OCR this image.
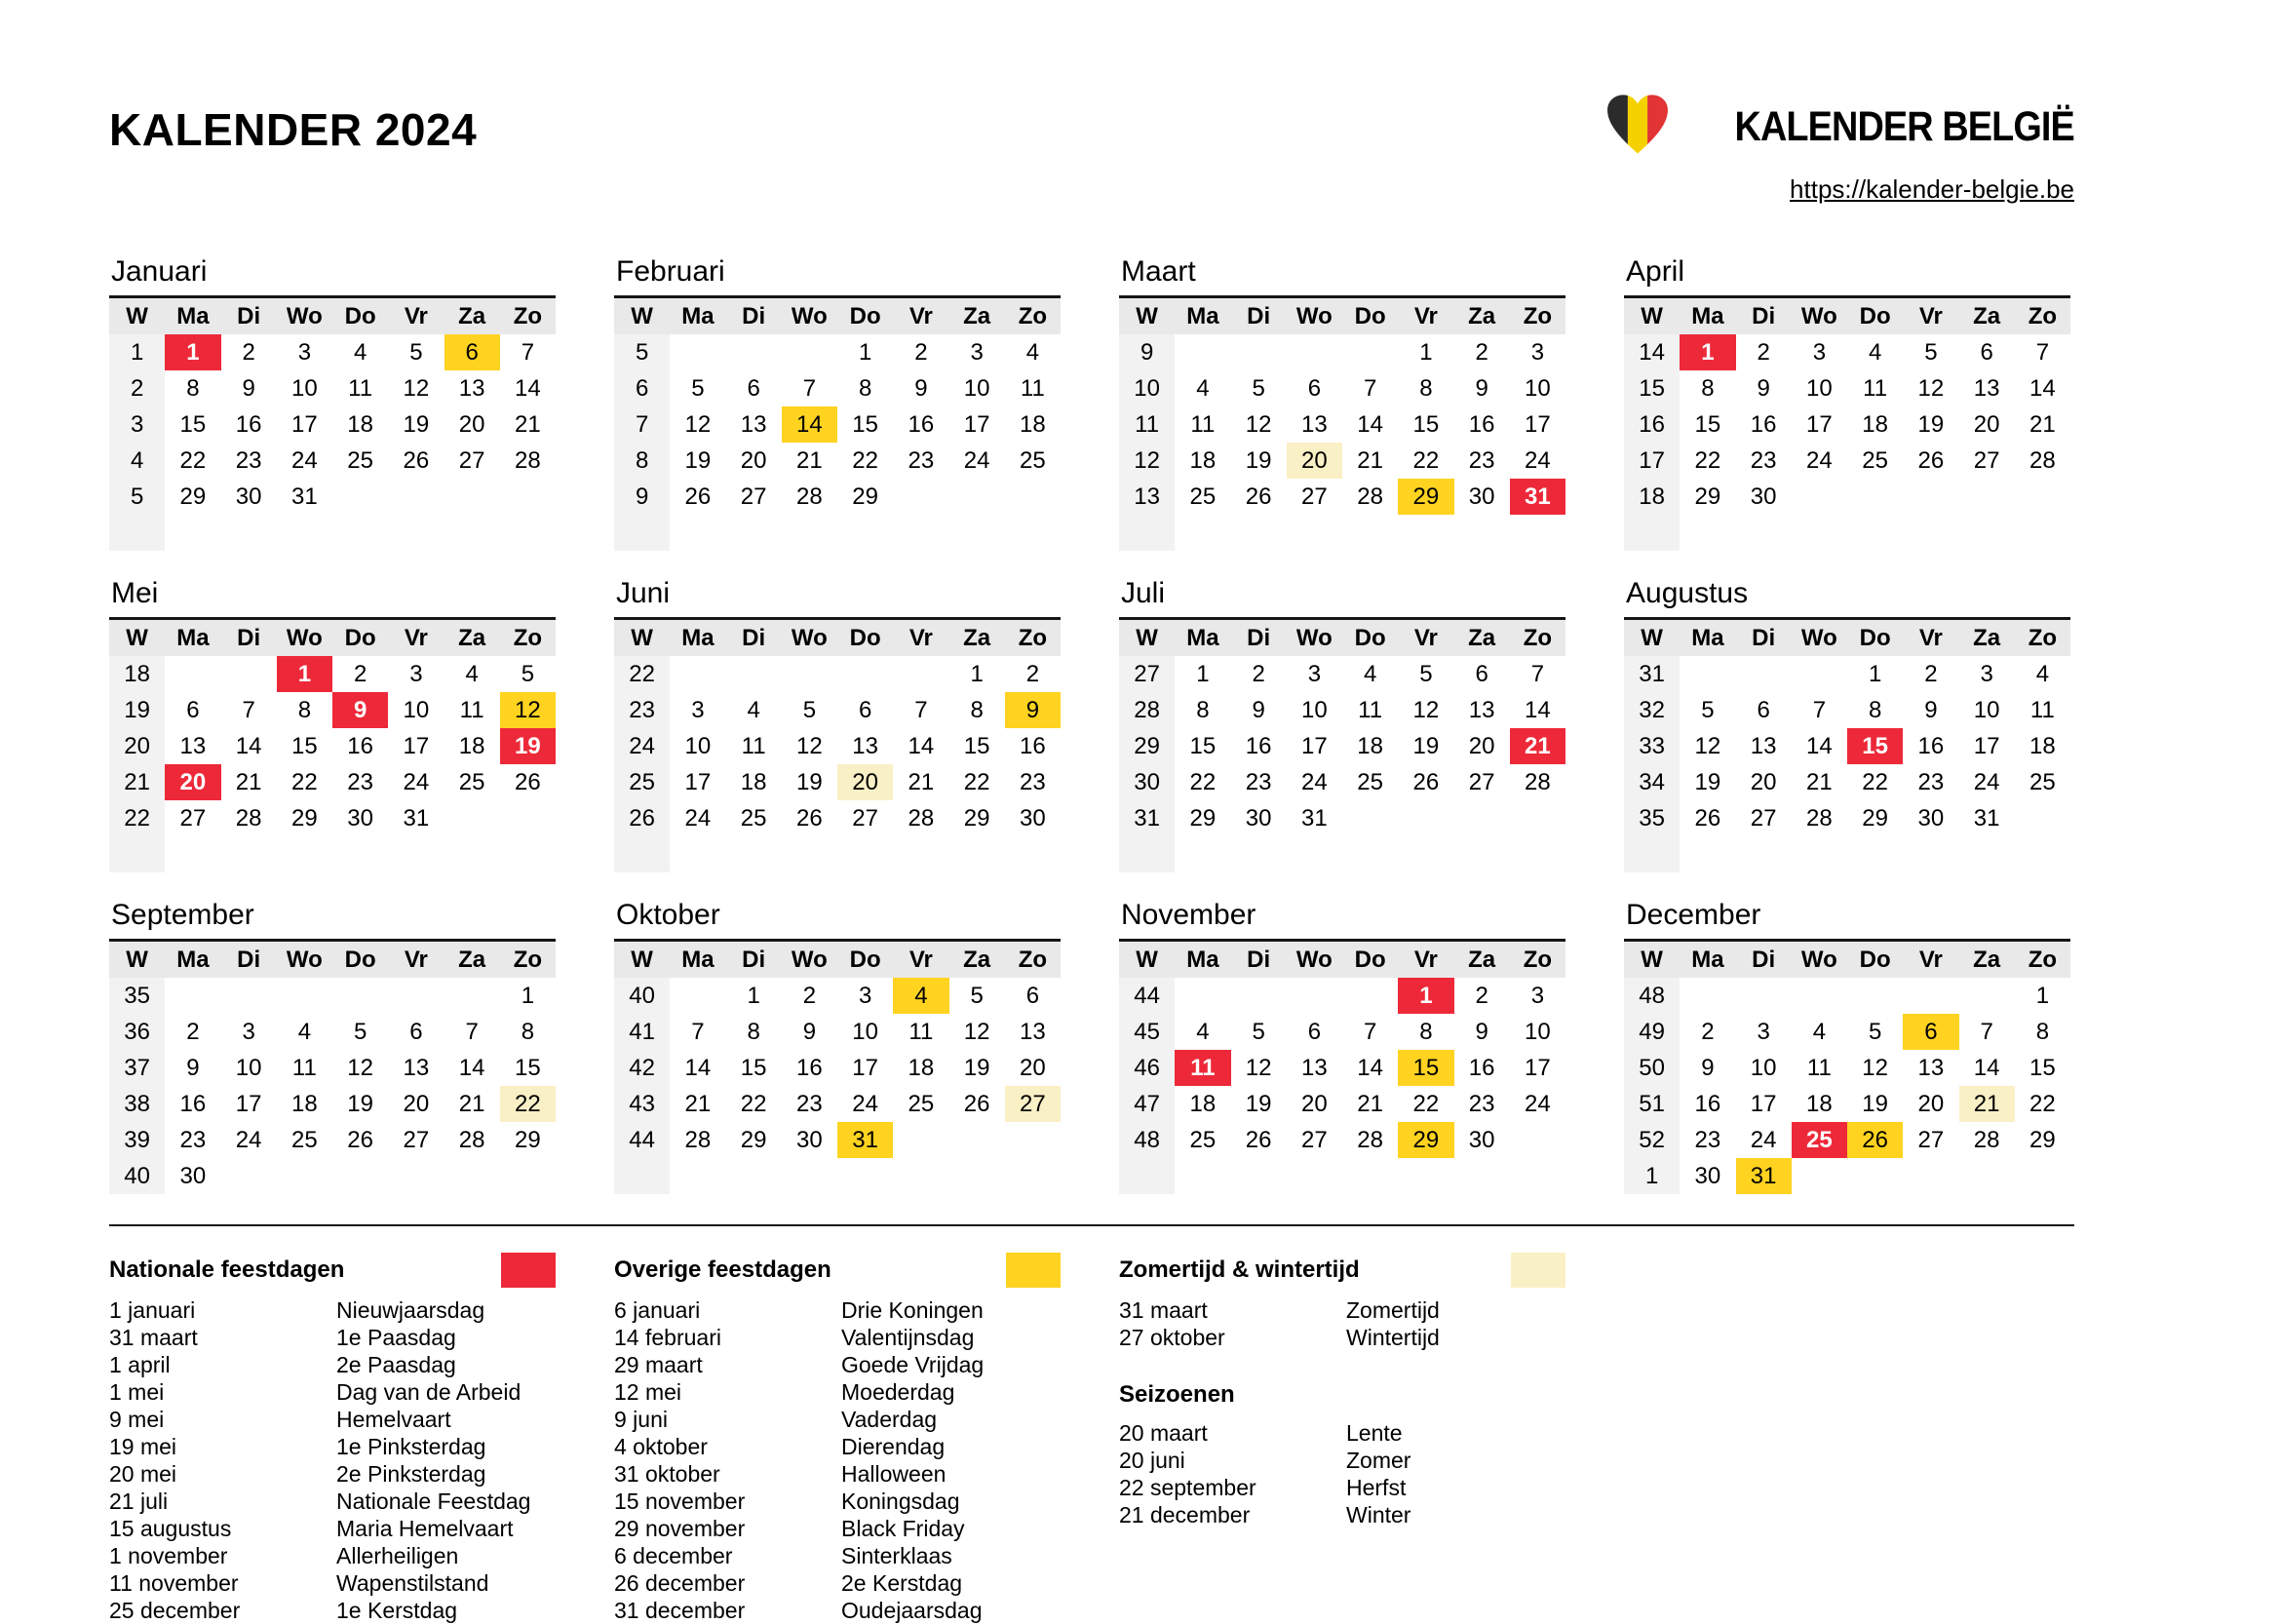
KALENDER 2024	KALENDER BELGIË
https://kalender-belgie.be
Januari
W	Ma	Di	Wo	Do	Vr	Za	Zo
1	1	2	3	4	5	6	7
2	8	9	10	11	12	13	14
3	15	16	17	18	19	20	21
4	22	23	24	25	26	27	28
5	29	30	31				

Februari
W	Ma	Di	Wo	Do	Vr	Za	Zo
5				1	2	3	4
6	5	6	7	8	9	10	11
7	12	13	14	15	16	17	18
8	19	20	21	22	23	24	25
9	26	27	28	29			

Maart
W	Ma	Di	Wo	Do	Vr	Za	Zo
9					1	2	3
10	4	5	6	7	8	9	10
11	11	12	13	14	15	16	17
12	18	19	20	21	22	23	24
13	25	26	27	28	29	30	31

April
W	Ma	Di	Wo	Do	Vr	Za	Zo
14	1	2	3	4	5	6	7
15	8	9	10	11	12	13	14
16	15	16	17	18	19	20	21
17	22	23	24	25	26	27	28
18	29	30					

Mei
W	Ma	Di	Wo	Do	Vr	Za	Zo
18			1	2	3	4	5
19	6	7	8	9	10	11	12
20	13	14	15	16	17	18	19
21	20	21	22	23	24	25	26
22	27	28	29	30	31		

Juni
W	Ma	Di	Wo	Do	Vr	Za	Zo
22						1	2
23	3	4	5	6	7	8	9
24	10	11	12	13	14	15	16
25	17	18	19	20	21	22	23
26	24	25	26	27	28	29	30

Juli
W	Ma	Di	Wo	Do	Vr	Za	Zo
27	1	2	3	4	5	6	7
28	8	9	10	11	12	13	14
29	15	16	17	18	19	20	21
30	22	23	24	25	26	27	28
31	29	30	31				

Augustus
W	Ma	Di	Wo	Do	Vr	Za	Zo
31				1	2	3	4
32	5	6	7	8	9	10	11
33	12	13	14	15	16	17	18
34	19	20	21	22	23	24	25
35	26	27	28	29	30	31	

September
W	Ma	Di	Wo	Do	Vr	Za	Zo
35							1
36	2	3	4	5	6	7	8
37	9	10	11	12	13	14	15
38	16	17	18	19	20	21	22
39	23	24	25	26	27	28	29
40	30						
Oktober
W	Ma	Di	Wo	Do	Vr	Za	Zo
40		1	2	3	4	5	6
41	7	8	9	10	11	12	13
42	14	15	16	17	18	19	20
43	21	22	23	24	25	26	27
44	28	29	30	31			

November
W	Ma	Di	Wo	Do	Vr	Za	Zo
44					1	2	3
45	4	5	6	7	8	9	10
46	11	12	13	14	15	16	17
47	18	19	20	21	22	23	24
48	25	26	27	28	29	30	

December
W	Ma	Di	Wo	Do	Vr	Za	Zo
48							1
49	2	3	4	5	6	7	8
50	9	10	11	12	13	14	15
51	16	17	18	19	20	21	22
52	23	24	25	26	27	28	29
1	30	31					
Nationale feestdagen
1 januari	Nieuwjaarsdag
31 maart	1e Paasdag
1 april	2e Paasdag
1 mei	Dag van de Arbeid
9 mei	Hemelvaart
19 mei	1e Pinksterdag
20 mei	2e Pinksterdag
21 juli	Nationale Feestdag
15 augustus	Maria Hemelvaart
1 november	Allerheiligen
11 november	Wapenstilstand
25 december	1e Kerstdag
Overige feestdagen
6 januari	Drie Koningen
14 februari	Valentijnsdag
29 maart	Goede Vrijdag
12 mei	Moederdag
9 juni	Vaderdag
4 oktober	Dierendag
31 oktober	Halloween
15 november	Koningsdag
29 november	Black Friday
6 december	Sinterklaas
26 december	2e Kerstdag
31 december	Oudejaarsdag
Zomertijd & wintertijd
31 maart	Zomertijd
27 oktober	Wintertijd
Seizoenen
20 maart	Lente
20 juni	Zomer
22 september	Herfst
21 december	Winter
